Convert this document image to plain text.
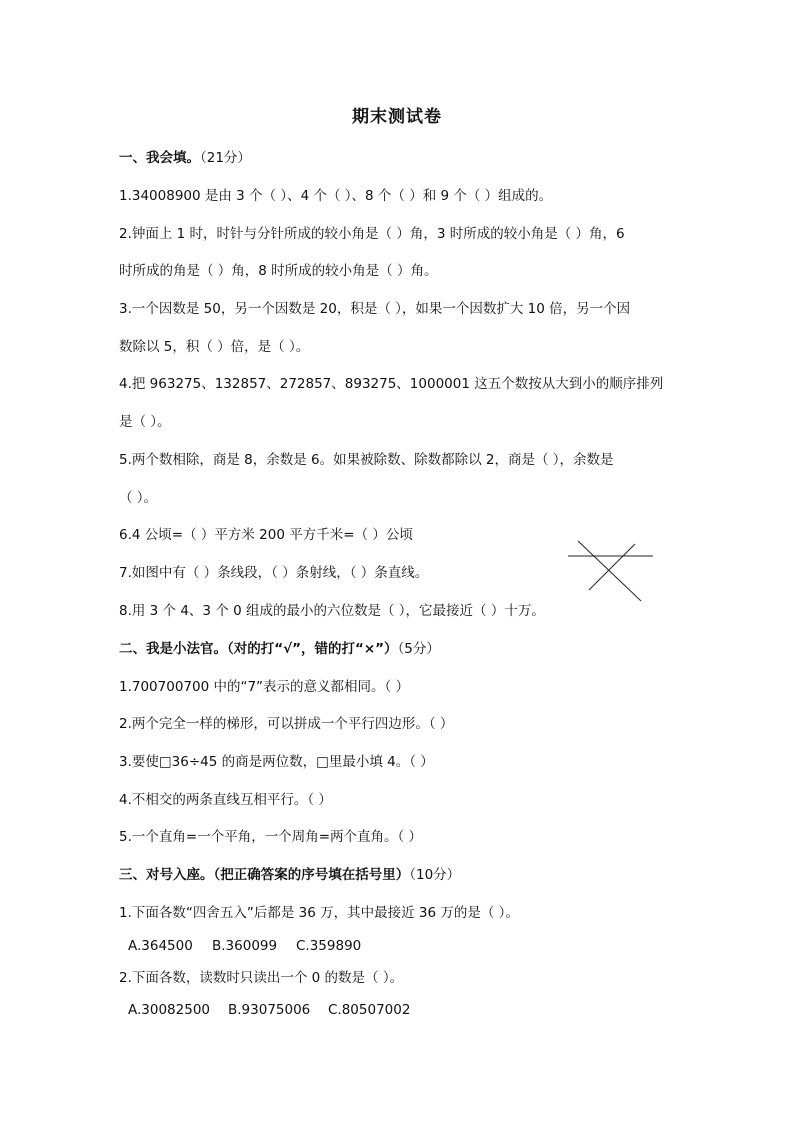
期末测试卷
一、我会填。（21分）
1.34008900 是由 3 个（ ）、4 个（ ）、8 个（ ）和 9 个（ ）组成的。
2.钟面上 1 时，时针与分针所成的较小角是（ ）角，3 时所成的较小角是（ ）角，6
时所成的角是（ ）角，8 时所成的较小角是（ ）角。
3.一个因数是 50，另一个因数是 20，积是（ ），如果一个因数扩大 10 倍，另一个因
数除以 5，积（ ）倍，是（ ）。
4.把 963275、132857、272857、893275、1000001 这五个数按从大到小的顺序排列
是（ ）。
5.两个数相除，商是 8，余数是 6。如果被除数、除数都除以 2，商是（ ），余数是
（ ）。
6.4 公顷=（ ）平方米 200 平方千米=（ ）公顷
7.如图中有（ ）条线段，（ ）条射线，（ ）条直线。
8.用 3 个 4、3 个 0 组成的最小的六位数是（ ），它最接近（ ）十万。
二、我是小法官。（对的打“√”，错的打“×”）（5分）
1.700700700 中的“7”表示的意义都相同。（ ）
2.两个完全一样的梯形，可以拼成一个平行四边形。（ ）
3.要使□36÷45 的商是两位数，□里最小填 4。（ ）
4.不相交的两条直线互相平行。（ ）
5.一个直角=一个平角，一个周角=两个直角。（ ）
三、对号入座。（把正确答案的序号填在括号里）（10分）
1.下面各数“四舍五入”后都是 36 万，其中最接近 36 万的是（ ）。
A.364500 B.360099 C.359890
2.下面各数，读数时只读出一个 0 的数是（ ）。
A.30082500 B.93075006 C.80507002
